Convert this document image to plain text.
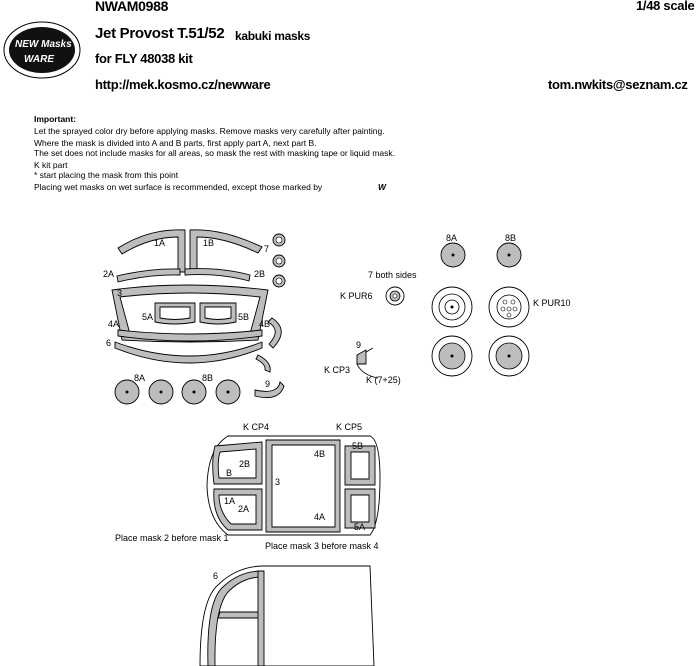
NEW Masks
WARE
NWAM0988	1/48 scale
Jet Provost T.51/52 kabuki masks
for FLY 48038 kit
http://mek.kosmo.cz/newware	tom.nwkits@seznam.cz
Important:
Let the sprayed color dry before applying masks. Remove masks very carefully after painting.
Where the mask is divided into A and B parts, first apply part A, next part B.
The set does not include masks for all areas, so mask the rest with masking tape or liquid mask.
K kit part
* start placing the mask from this point
Placing wet masks on wet surface is recommended, except those marked by	W
1A	1B
2A	2B
7
3
5A	5B
4A	4B
6
9
8A	8B
8A	8B
7 both sides
K PUR6
K PUR10
9
K CP3
K (7+25)
K CP4	K CP5
2B
B
1A
2A
3
4B
4A
5B
5A
Place mask 2 before mask 1
Place mask 3 before mask 4
6
